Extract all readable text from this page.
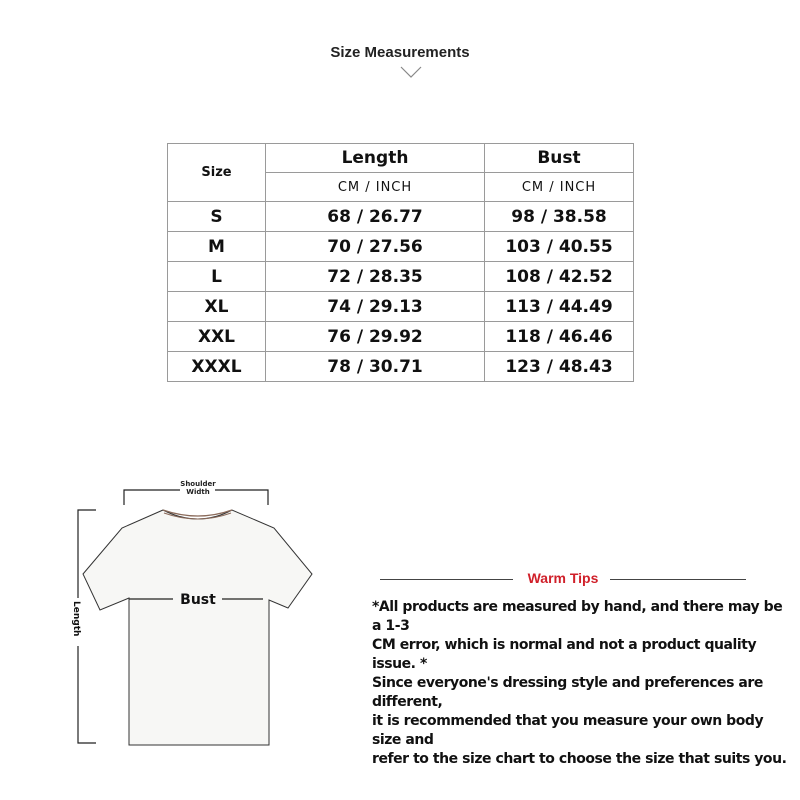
Size Measurements
Size	Length	Bust
	CM / INCH	CM / INCH
S	68 / 26.77	98 / 38.58
M	70 / 27.56	103 / 40.55
L	72 / 28.35	108 / 42.52
XL	74 / 29.13	113 / 44.49
XXL	76 / 29.92	118 / 46.46
XXXL	78 / 30.71	123 / 48.43
Shoulder
Width
Bust
Length
Warm Tips
*All products are measured by hand, and there may be a 1-3
CM error, which is normal and not a product quality issue. *
Since everyone's dressing style and preferences are different,
it is recommended that you measure your own body size and
refer to the size chart to choose the size that suits you.
